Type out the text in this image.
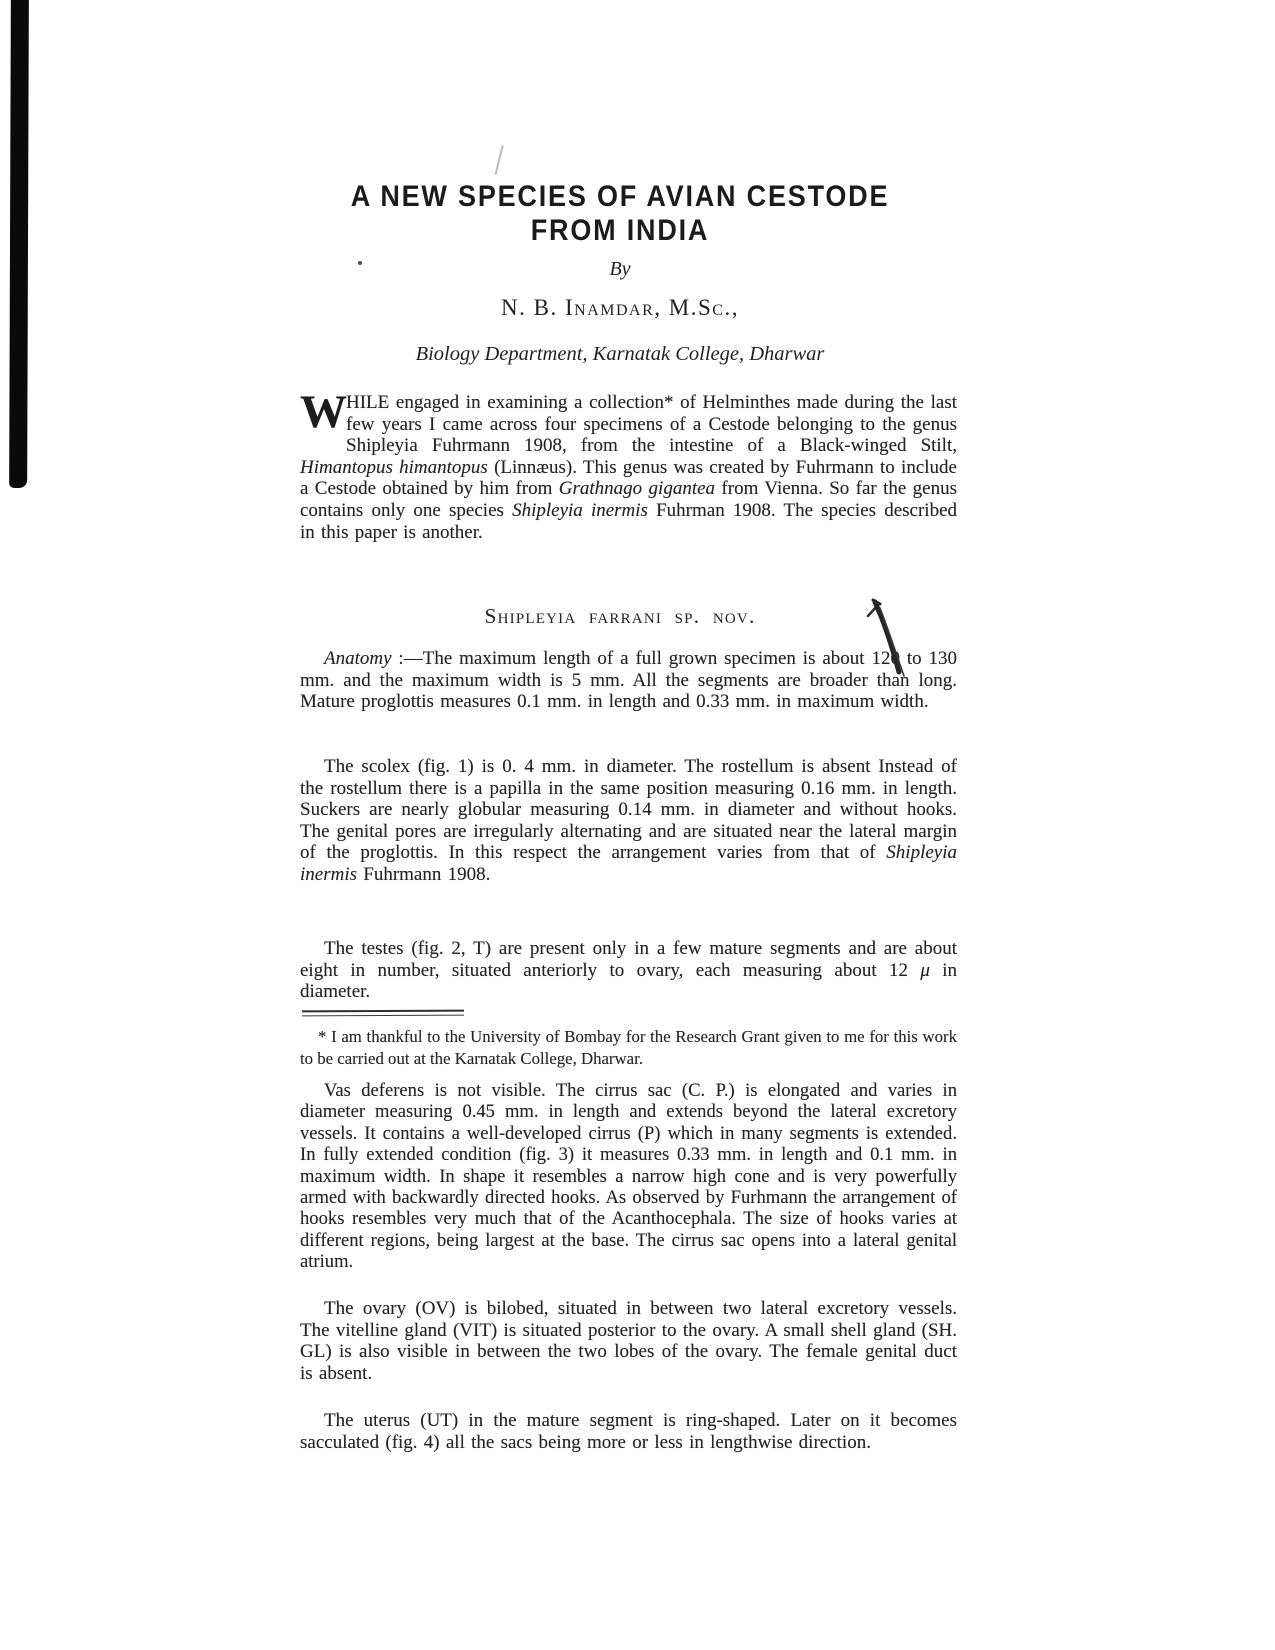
A NEW SPECIES OF AVIAN CESTODE
FROM INDIA
By
N. B. Inamdar, M.Sc.,
Biology Department, Karnatak College, Dharwar

WHILE engaged in examining a collection* of Helminthes made during the last few years I came across four specimens of a Cestode belonging to the genus Shipleyia Fuhrmann 1908, from the intestine of a Black-winged Stilt, Himantopus himantopus (Linnæus). This genus was created by Fuhrmann to include a Cestode obtained by him from Grathnago gigantea from Vienna. So far the genus contains only one species Shipleyia inermis Fuhrman 1908. The species described in this paper is another.

Shipleyia farrani sp. nov.

Anatomy :—The maximum length of a full grown specimen is about 120 to 130 mm. and the maximum width is 5 mm. All the segments are broader than long. Mature proglottis measures 0.1 mm. in length and 0.33 mm. in maximum width.

The scolex (fig. 1) is 0. 4 mm. in diameter. The rostellum is absent Instead of the rostellum there is a papilla in the same position measuring 0.16 mm. in length. Suckers are nearly globular measuring 0.14 mm. in diameter and without hooks. The genital pores are irregularly alternating and are situated near the lateral margin of the proglottis. In this respect the arrangement varies from that of Shipleyia inermis Fuhrmann 1908.

The testes (fig. 2, T) are present only in a few mature segments and are about eight in number, situated anteriorly to ovary, each measuring about 12 μ in diameter.

* I am thankful to the University of Bombay for the Research Grant given to me for this work to be carried out at the Karnatak College, Dharwar.

Vas deferens is not visible. The cirrus sac (C. P.) is elongated and varies in diameter measuring 0.45 mm. in length and extends beyond the lateral excretory vessels. It contains a well-developed cirrus (P) which in many segments is extended. In fully extended condition (fig. 3) it measures 0.33 mm. in length and 0.1 mm. in maximum width. In shape it resembles a narrow high cone and is very powerfully armed with backwardly directed hooks. As observed by Furhmann the arrangement of hooks resembles very much that of the Acanthocephala. The size of hooks varies at different regions, being largest at the base. The cirrus sac opens into a lateral genital atrium.

The ovary (OV) is bilobed, situated in between two lateral excretory vessels. The vitelline gland (VIT) is situated posterior to the ovary. A small shell gland (SH. GL) is also visible in between the two lobes of the ovary. The female genital duct is absent.

The uterus (UT) in the mature segment is ring-shaped. Later on it becomes sacculated (fig. 4) all the sacs being more or less in lengthwise direction.
